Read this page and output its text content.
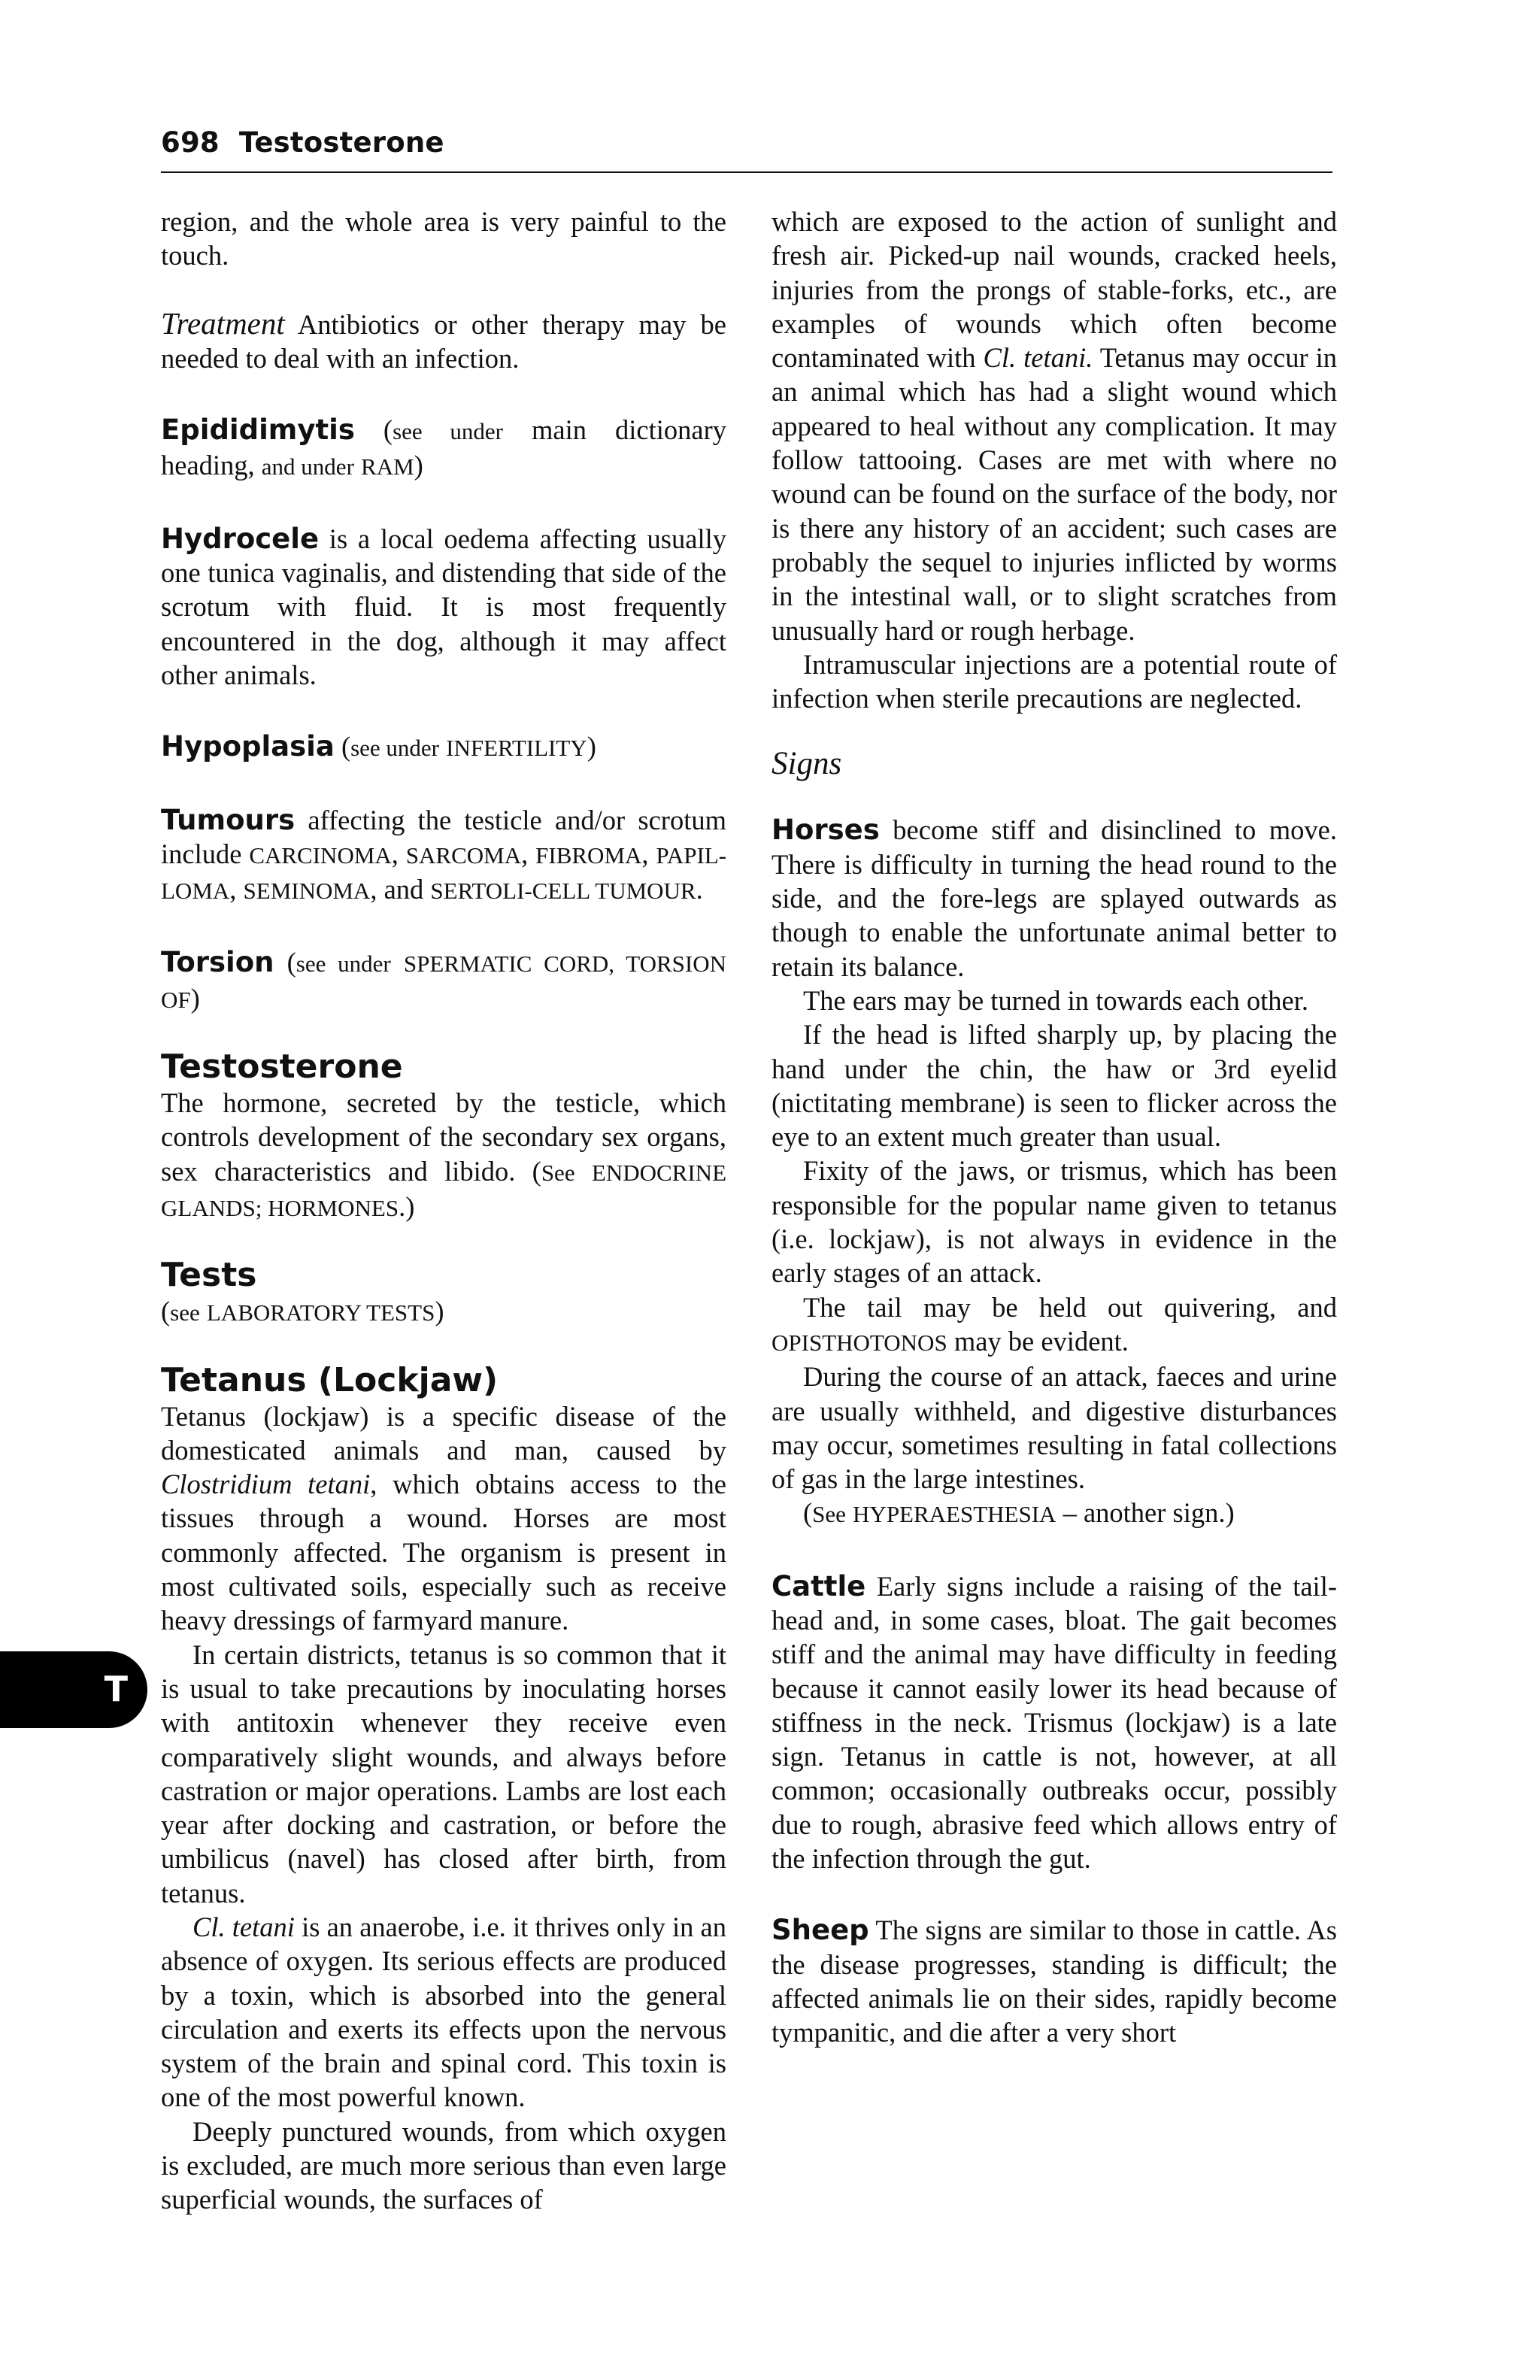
698 Testosterone
T

region, and the whole area is very painful to the touch.

Treatment Antibiotics or other therapy may be needed to deal with an infection.

Epididimytis (see under main dictionary heading, and under RAM)

Hydrocele is a local oedema affecting usually one tunica vaginalis, and distending that side of the scrotum with fluid. It is most frequently encountered in the dog, although it may affect other animals.

Hypoplasia (see under INFERTILITY)

Tumours affecting the testicle and/or scrotum include CARCINOMA, SARCOMA, FIBROMA, PAPIL-LOMA, SEMINOMA, and SERTOLI-CELL TUMOUR.

Torsion (see under SPERMATIC CORD, TORSION OF)

Testosterone

The hormone, secreted by the testicle, which controls development of the secondary sex organs, sex characteristics and libido. (See ENDOCRINE GLANDS; HORMONES.)

Tests

(see LABORATORY TESTS)

Tetanus (Lockjaw)

Tetanus (lockjaw) is a specific disease of the domesticated animals and man, caused by Clostridium tetani, which obtains access to the tissues through a wound. Horses are most commonly affected. The organism is present in most cultivated soils, especially such as receive heavy dressings of farmyard manure.

In certain districts, tetanus is so common that it is usual to take precautions by inoculating horses with antitoxin whenever they receive even comparatively slight wounds, and always before castration or major operations. Lambs are lost each year after docking and castration, or before the umbilicus (navel) has closed after birth, from tetanus.

Cl. tetani is an anaerobe, i.e. it thrives only in an absence of oxygen. Its serious effects are produced by a toxin, which is absorbed into the general circulation and exerts its effects upon the nervous system of the brain and spinal cord. This toxin is one of the most powerful known.

Deeply punctured wounds, from which oxygen is excluded, are much more serious than even large superficial wounds, the surfaces of

which are exposed to the action of sunlight and fresh air. Picked-up nail wounds, cracked heels, injuries from the prongs of stable-forks, etc., are examples of wounds which often become contaminated with Cl. tetani. Tetanus may occur in an animal which has had a slight wound which appeared to heal without any complication. It may follow tattooing. Cases are met with where no wound can be found on the surface of the body, nor is there any history of an accident; such cases are probably the sequel to injuries inflicted by worms in the intestinal wall, or to slight scratches from unusually hard or rough herbage.

Intramuscular injections are a potential route of infection when sterile precautions are neglected.

Signs

Horses become stiff and disinclined to move. There is difficulty in turning the head round to the side, and the fore-legs are splayed outwards as though to enable the unfortunate animal better to retain its balance.

The ears may be turned in towards each other.

If the head is lifted sharply up, by placing the hand under the chin, the haw or 3rd eyelid (nictitating membrane) is seen to flicker across the eye to an extent much greater than usual.

Fixity of the jaws, or trismus, which has been responsible for the popular name given to tetanus (i.e. lockjaw), is not always in evidence in the early stages of an attack.

The tail may be held out quivering, and OPISTHOTONOS may be evident.

During the course of an attack, faeces and urine are usually withheld, and digestive disturbances may occur, sometimes resulting in fatal collections of gas in the large intestines.

(See HYPERAESTHESIA – another sign.)

Cattle Early signs include a raising of the tail-head and, in some cases, bloat. The gait becomes stiff and the animal may have difficulty in feeding because it cannot easily lower its head because of stiffness in the neck. Trismus (lockjaw) is a late sign. Tetanus in cattle is not, however, at all common; occasionally outbreaks occur, possibly due to rough, abrasive feed which allows entry of the infection through the gut.

Sheep The signs are similar to those in cattle. As the disease progresses, standing is difficult; the affected animals lie on their sides, rapidly become tympanitic, and die after a very short
